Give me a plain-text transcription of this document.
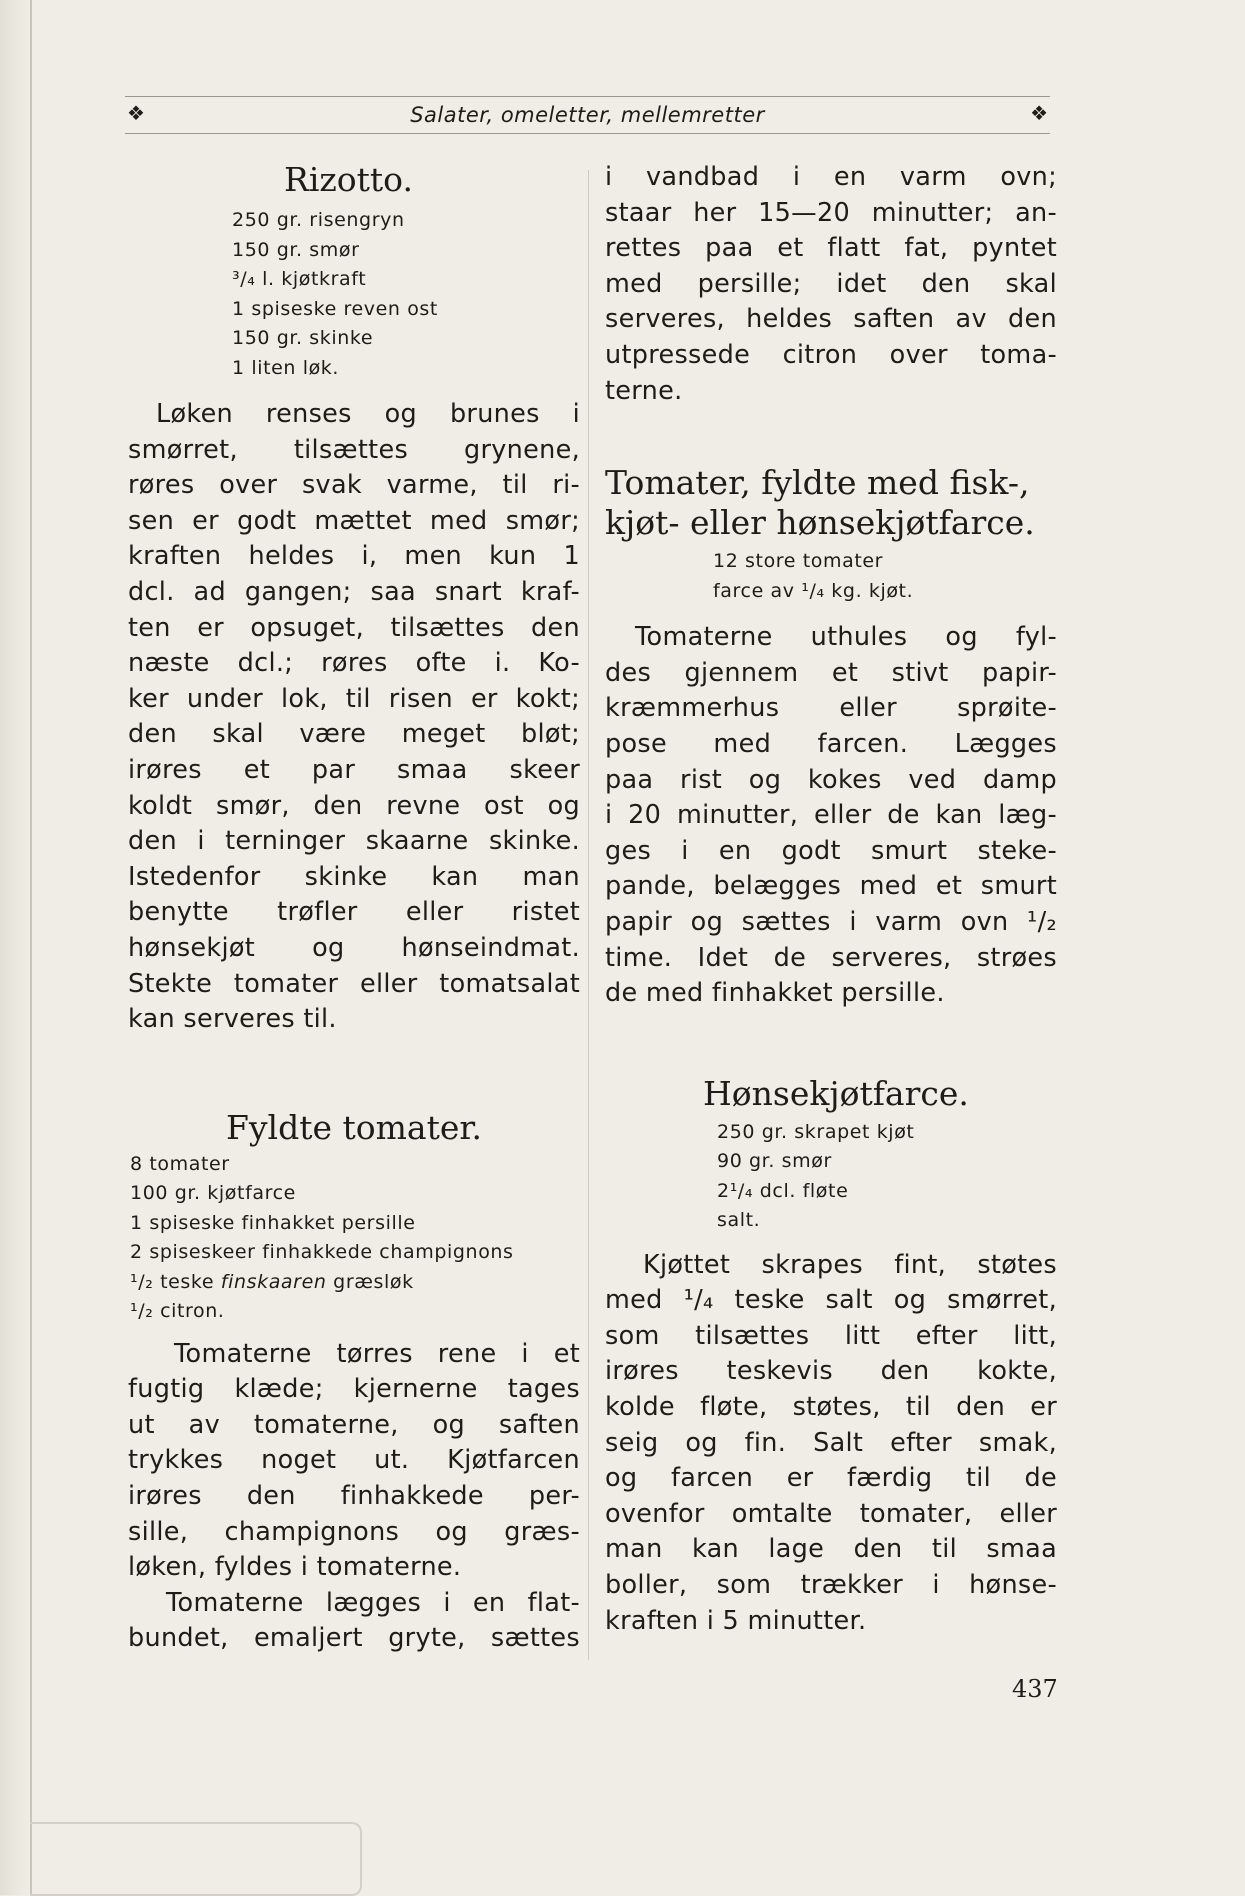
❖	Salater, omeletter, mellemretter	❖
Rizotto.
250 gr. risengryn
150 gr. smør
³/₄ l. kjøtkraft
1 spiseske reven ost
150 gr. skinke
1 liten løk.
Løken renses og brunes i
smørret, tilsættes grynene,
røres over svak varme, til ri-
sen er godt mættet med smør;
kraften heldes i, men kun 1
dcl. ad gangen; saa snart kraf-
ten er opsuget, tilsættes den
næste dcl.; røres ofte i. Ko-
ker under lok, til risen er kokt;
den skal være meget bløt;
irøres et par smaa skeer
koldt smør, den revne ost og
den i terninger skaarne skinke.
Istedenfor skinke kan man
benytte trøfler eller ristet
hønsekjøt og hønseindmat.
Stekte tomater eller tomatsalat
kan serveres til.
Fyldte tomater.
8 tomater
100 gr. kjøtfarce
1 spiseske finhakket persille
2 spiseskeer finhakkede champignons
¹/₂ teske finskaaren græsløk
¹/₂ citron.
Tomaterne tørres rene i et
fugtig klæde; kjernerne tages
ut av tomaterne, og saften
trykkes noget ut. Kjøtfarcen
irøres den finhakkede per-
sille, champignons og græs-
løken, fyldes i tomaterne.
Tomaterne lægges i en flat-
bundet, emaljert gryte, sættes
i vandbad i en varm ovn;
staar her 15—20 minutter; an-
rettes paa et flatt fat, pyntet
med persille; idet den skal
serveres, heldes saften av den
utpressede citron over toma-
terne.
Tomater, fyldte med fisk-,
kjøt- eller hønsekjøtfarce.
12 store tomater
farce av ¹/₄ kg. kjøt.
Tomaterne uthules og fyl-
des gjennem et stivt papir-
kræmmerhus eller sprøite-
pose med farcen. Lægges
paa rist og kokes ved damp
i 20 minutter, eller de kan læg-
ges i en godt smurt steke-
pande, belægges med et smurt
papir og sættes i varm ovn ¹/₂
time. Idet de serveres, strøes
de med finhakket persille.
Hønsekjøtfarce.
250 gr. skrapet kjøt
90 gr. smør
2¹/₄ dcl. fløte
salt.
Kjøttet skrapes fint, støtes
med ¹/₄ teske salt og smørret,
som tilsættes litt efter litt,
irøres teskevis den kokte,
kolde fløte, støtes, til den er
seig og fin. Salt efter smak,
og farcen er færdig til de
ovenfor omtalte tomater, eller
man kan lage den til smaa
boller, som trækker i hønse-
kraften i 5 minutter.
437
